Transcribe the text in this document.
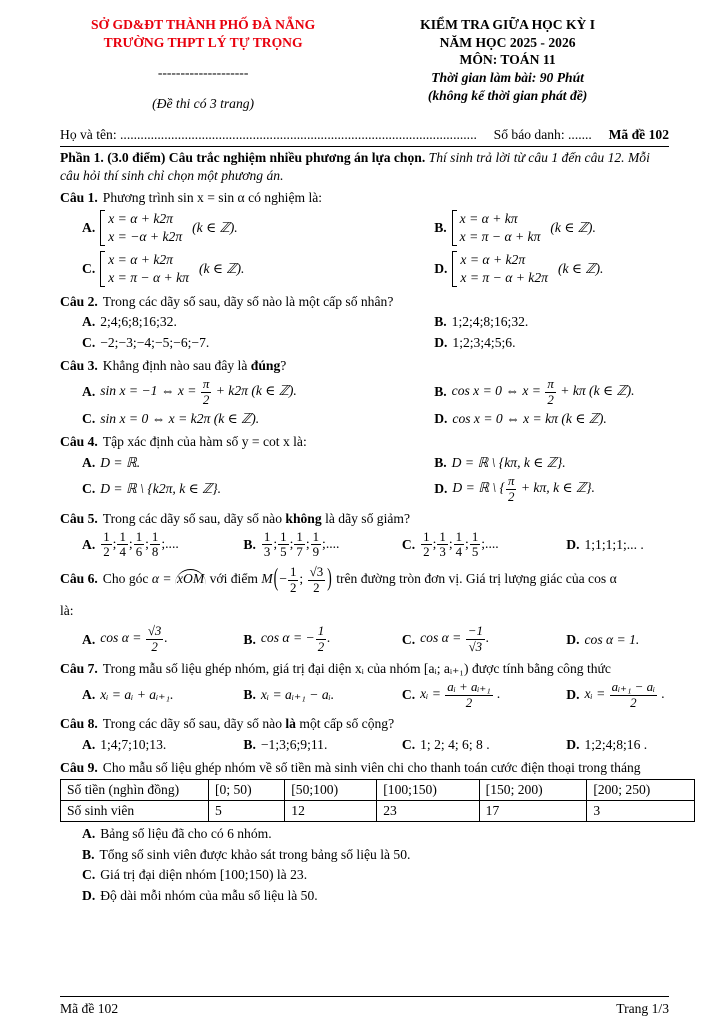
SỞ GD&ĐT THÀNH PHỐ ĐÀ NẴNG
TRƯỜNG THPT LÝ TỰ TRỌNG
--------------------
(Đề thi có 3 trang)
KIỂM TRA GIỮA HỌC KỲ I
NĂM HỌC 2025 - 2026
MÔN: TOÁN 11
Thời gian làm bài: 90 Phút
(không kể thời gian phát đề)
Họ và tên: ......................................................................................................... Số báo danh: ....... Mã đề 102

Phần 1. (3.0 điểm) Câu trắc nghiệm nhiều phương án lựa chọn. Thí sinh trả lời từ câu 1 đến câu 12. Mỗi câu hỏi thí sinh chỉ chọn một phương án.

Câu 1. Phương trình sin x = sin α có nghiệm là:

A.
x = α + k2π
x = −α + k2π
(k ∈ ℤ).	B.
x = α + kπ
x = π − α + kπ
(k ∈ ℤ).
C.
x = α + k2π
x = π − α + kπ
(k ∈ ℤ).	D.
x = α + k2π
x = π − α + k2π
(k ∈ ℤ).

Câu 2. Trong các dãy số sau, dãy số nào là một cấp số nhân?

A. 2;4;6;8;16;32.	B. 1;2;4;8;16;32.
C. −2;−3;−4;−5;−6;−7.	D. 1;2;3;4;5;6.

Câu 3. Khẳng định nào sau đây là đúng?

A. sin x = −1 ⇔ $x = \frac{\pi}{2} + k2\pi$ (k ∈ ℤ).	B. cos x = 0 ⇔ $x = \frac{\pi}{2} + k\pi$ (k ∈ ℤ).
C. sin x = 0 ⇔ x = k2π (k ∈ ℤ).	D. cos x = 0 ⇔ x = kπ (k ∈ ℤ).

Câu 4. Tập xác định của hàm số y = cot x là:

A. D = ℝ.	B. D = ℝ \ {kπ, k ∈ ℤ}.
C. D = ℝ \ {k2π, k ∈ ℤ}.	D. D = ℝ \ { $\frac{\pi}{2} + k\pi$, k ∈ ℤ}.

Câu 5. Trong các dãy số sau, dãy số nào không là dãy số giảm?

A. $\frac{1}{2}$ ; $\frac{1}{4}$ ; $\frac{1}{6}$ ; $\frac{1}{8}$ ;....	B. $\frac{1}{3}$ ; $\frac{1}{5}$ ; $\frac{1}{7}$ ; $\frac{1}{9}$ ;....	C. $\frac{1}{2}$ ; $\frac{1}{3}$ ; $\frac{1}{4}$ ; $\frac{1}{5}$ ;....	D. 1;1;1;1;... .

Câu 6. Cho góc α = xOM với điểm $M(- \frac{1}{2}$ ; $\frac{√3}{2}$ ) trên đường tròn đơn vị. Giá trị lượng giác của cos α

là:

A. $\cos \alpha = \frac{√3}{2}$ .	B. cos α = − $\frac{1}{2}$ .	C. $\cos \alpha = \frac{-1}{√3}$ .	D. cos α = 1.

Câu 7. Trong mẫu số liệu ghép nhóm, giá trị đại diện xᵢ của nhóm [aᵢ; aᵢ₊₁) được tính bằng công thức

A. xᵢ = aᵢ + aᵢ₊₁.	B. xᵢ = aᵢ₊₁ − aᵢ.	C. xᵢ = $\frac{\text{aᵢ + aᵢ₊₁}}{2}$ .	D. xᵢ = $\frac{\text{aᵢ₊₁ − aᵢ}}{2}$ .

Câu 8. Trong các dãy số sau, dãy số nào là một cấp số cộng?

A. 1;4;7;10;13.	B. −1;3;6;9;11.	C. 1; 2; 4; 6; 8 .	D. 1;2;4;8;16 .

Câu 9. Cho mẫu số liệu ghép nhóm về số tiền mà sinh viên chi cho thanh toán cước điện thoại trong tháng

Số tiền (nghìn đồng)	[0; 50)	[50;100)	[100;150)	[150; 200)	[200; 250)
Số sinh viên	5	12	23	17	3
A. Bảng số liệu đã cho có 6 nhóm.
B. Tổng số sinh viên được khảo sát trong bảng số liệu là 50.
C. Giá trị đại diện nhóm [100;150) là 23.
D. Độ dài mỗi nhóm của mẫu số liệu là 50.
Mã đề 102	Trang 1/3
